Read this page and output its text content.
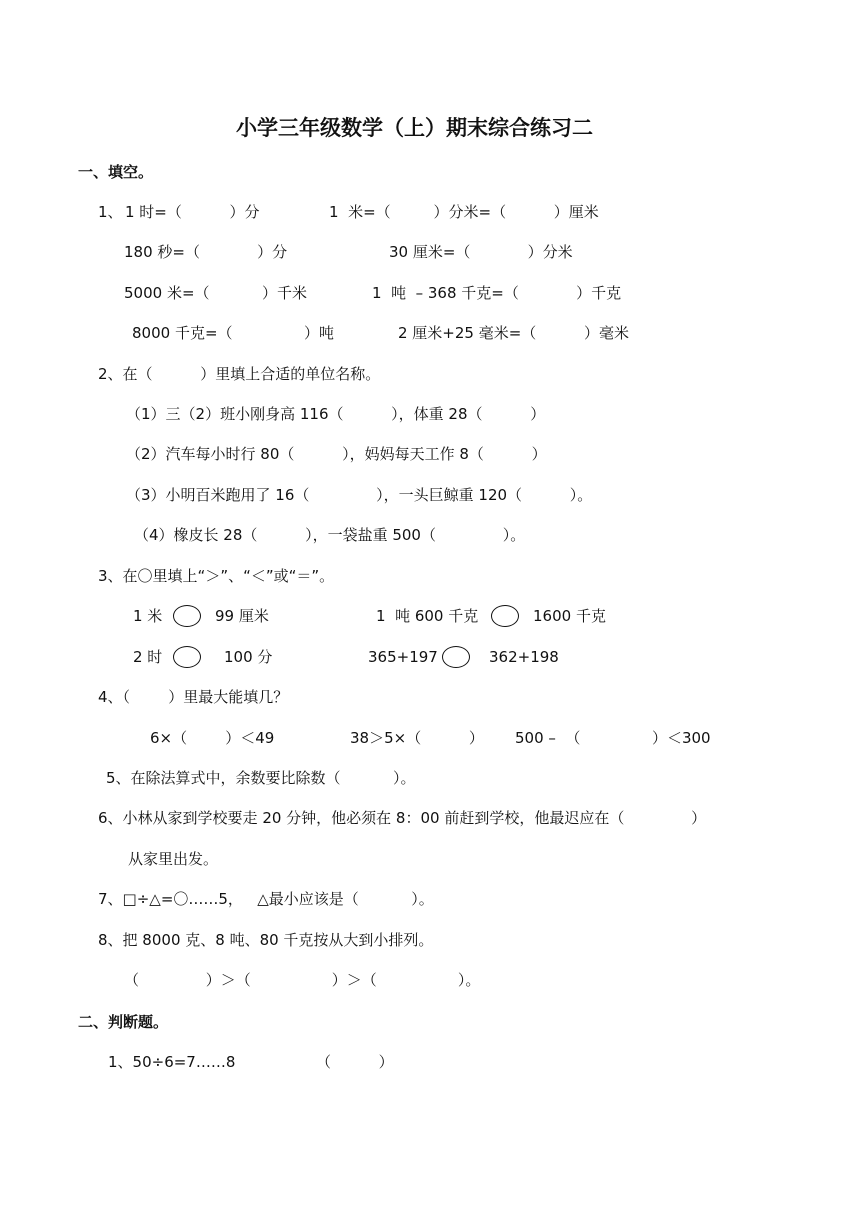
小学三年级数学（上）期末综合练习二
一、填空。
1、 1 时=（          ）分	1  米=（         ）分米=（          ）厘米
180 秒=（            ）分	30 厘米=（            ）分米
5000 米=（           ）千米	1  吨  – 368 千克=（            ）千克
8000 千克=（               ）吨	2 厘米+25 毫米=（          ）毫米
2、在（          ）里填上合适的单位名称。
（1）三（2）班小刚身高 116（          ），体重 28（          ）
（2）汽车每小时行 80（          ），妈妈每天工作 8（          ）
（3）小明百米跑用了 16（              ），一头巨鲸重 120（          ）。
（4）橡皮长 28（          ），一袋盐重 500（              ）。
3、在〇里填上“＞”、“＜”或“＝”。
1 米	99 厘米	1  吨 600 千克	1600 千克
2 时	100 分	365+197	362+198
4、（        ）里最大能填几？
6×（        ）＜49	38＞5×（          ） 500 –  （               ）＜300
5、在除法算式中，余数要比除数（           ）。
6、小林从家到学校要走 20 分钟，他必须在 8：00 前赶到学校，他最迟应在（              ）
从家里出发。
7、□÷△=〇……5，   △最小应该是（           ）。
8、把 8000 克、8 吨、80 千克按从大到小排列。
（              ）＞（                 ）＞（                 ）。
二、判断题。
1、50÷6=7……8	（          ）
